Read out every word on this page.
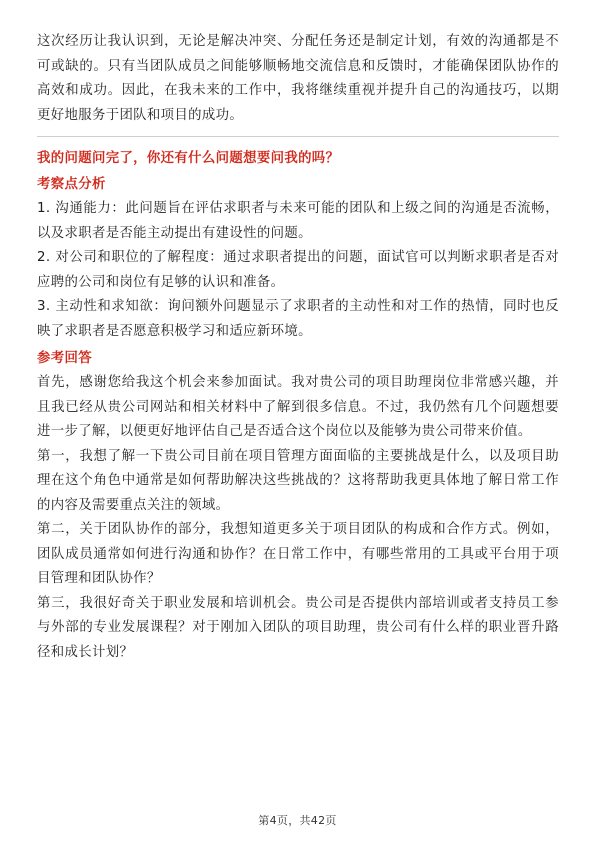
这次经历让我认识到，无论是解决冲突、分配任务还是制定计划，有效的沟通都是不可或缺的。只有当团队成员之间能够顺畅地交流信息和反馈时，才能确保团队协作的高效和成功。因此，在我未来的工作中，我将继续重视并提升自己的沟通技巧，以期更好地服务于团队和项目的成功。

我的问题问完了，你还有什么问题想要问我的吗？

考察点分析

1. 沟通能力：此问题旨在评估求职者与未来可能的团队和上级之间的沟通是否流畅，以及求职者是否能主动提出有建设性的问题。

2. 对公司和职位的了解程度：通过求职者提出的问题，面试官可以判断求职者是否对应聘的公司和岗位有足够的认识和准备。

3. 主动性和求知欲：询问额外问题显示了求职者的主动性和对工作的热情，同时也反映了求职者是否愿意积极学习和适应新环境。

参考回答

首先，感谢您给我这个机会来参加面试。我对贵公司的项目助理岗位非常感兴趣，并且我已经从贵公司网站和相关材料中了解到很多信息。不过，我仍然有几个问题想要进一步了解，以便更好地评估自己是否适合这个岗位以及能够为贵公司带来价值。

第一，我想了解一下贵公司目前在项目管理方面面临的主要挑战是什么，以及项目助理在这个角色中通常是如何帮助解决这些挑战的？这将帮助我更具体地了解日常工作的内容及需要重点关注的领域。

第二，关于团队协作的部分，我想知道更多关于项目团队的构成和合作方式。例如，团队成员通常如何进行沟通和协作？在日常工作中，有哪些常用的工具或平台用于项目管理和团队协作？

第三，我很好奇关于职业发展和培训机会。贵公司是否提供内部培训或者支持员工参与外部的专业发展课程？对于刚加入团队的项目助理，贵公司有什么样的职业晋升路径和成长计划？

第4页，共42页
